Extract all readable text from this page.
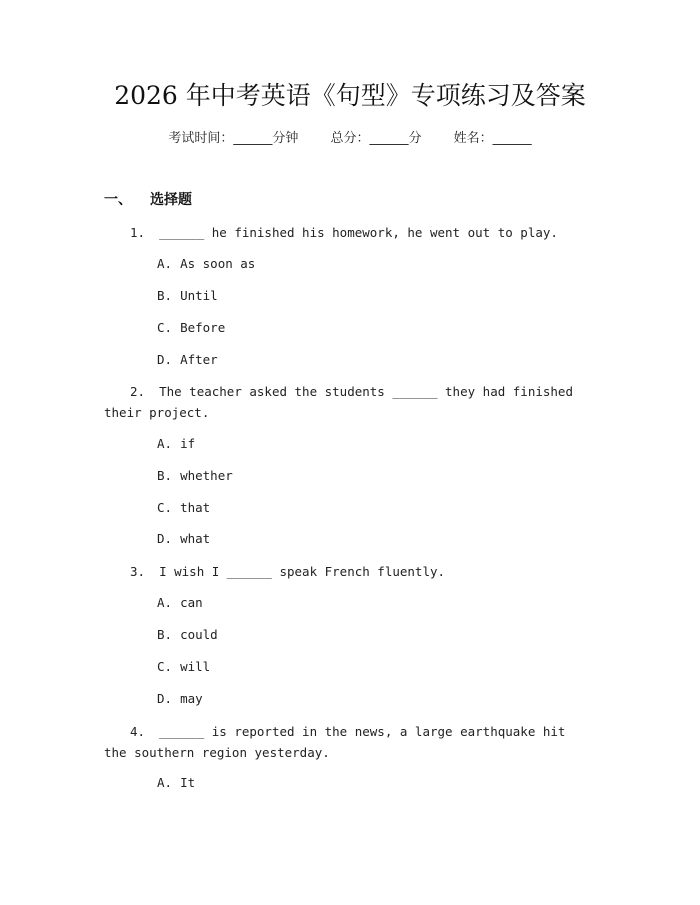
2026 年中考英语《句型》专项练习及答案
考试时间：______分钟 总分：______分 姓名：______
一、 选择题
1. ______ he finished his homework, he went out to play.
A. As soon as
B. Until
C. Before
D. After
2. The teacher asked the students ______ they had finished their project.
A. if
B. whether
C. that
D. what
3. I wish I ______ speak French fluently.
A. can
B. could
C. will
D. may
4. ______ is reported in the news, a large earthquake hit the southern region yesterday.
A. It
